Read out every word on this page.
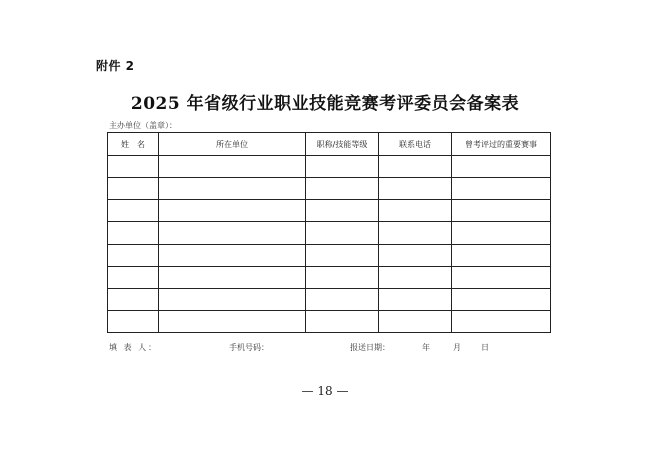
附件 2
2025 年省级行业职业技能竞赛考评委员会备案表
主办单位（盖章）：
姓　名	所在单位	职称/技能等级	联系电话	曾考评过的重要赛事

填 表 人：	手机号码：	报送日期：	年	月	日
— 18 —
